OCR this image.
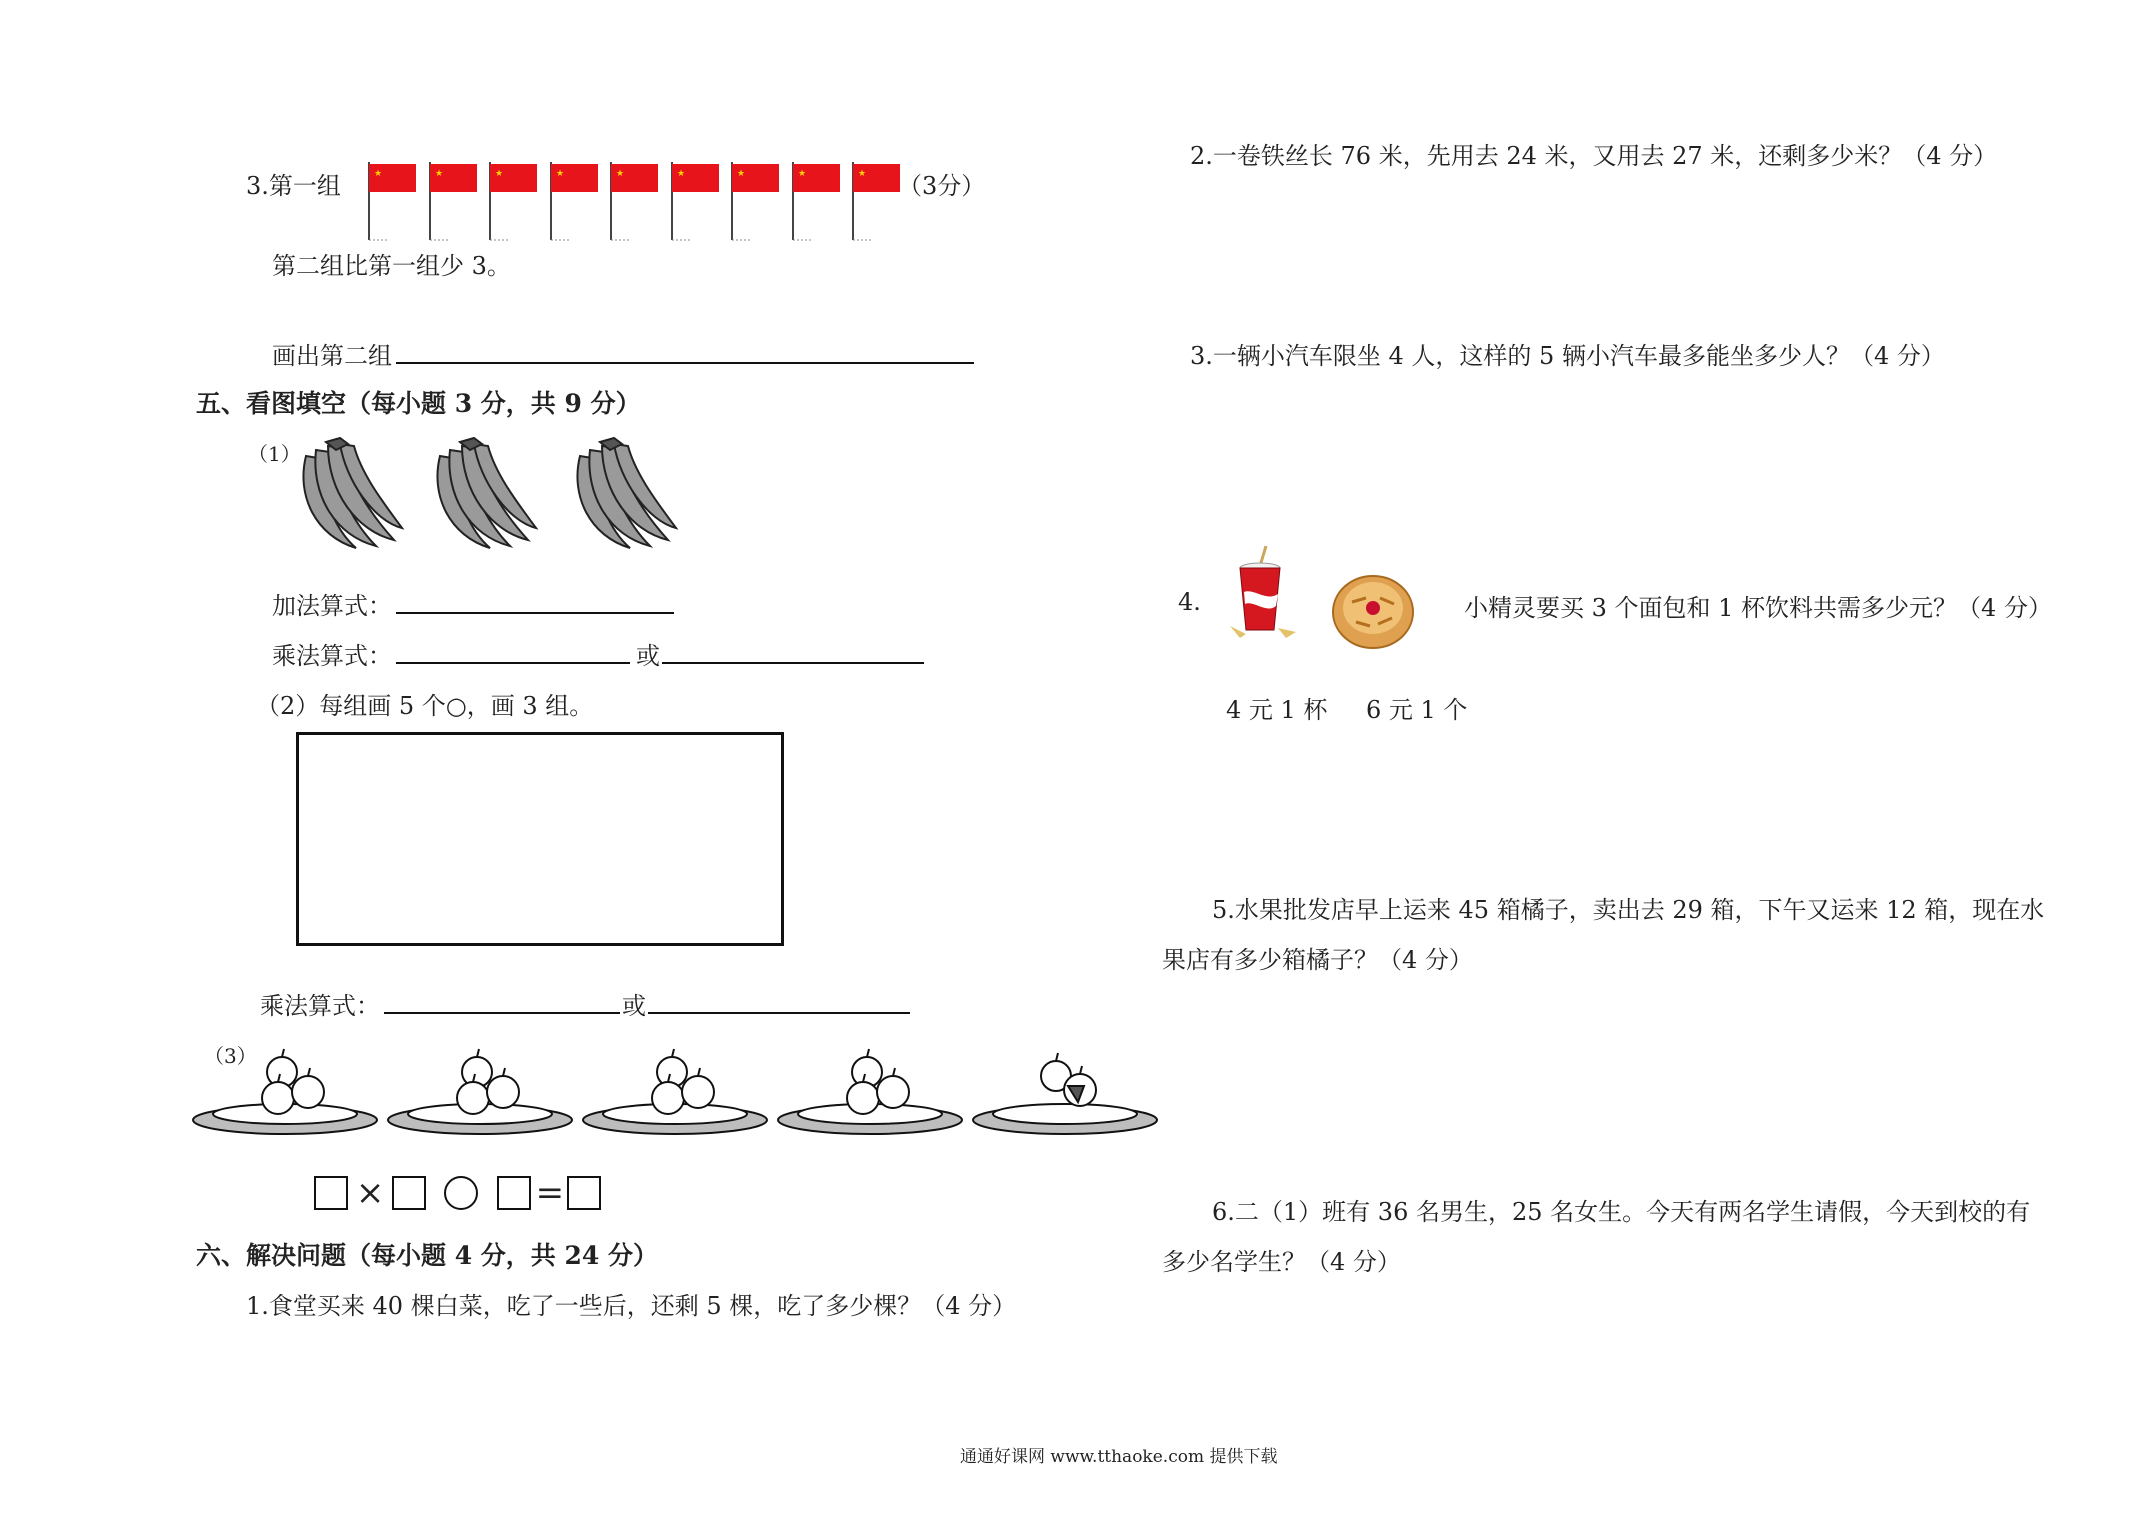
3.第一组	★	★	★	★	★	★	★	★	★ （3分）
第二组比第一组少 3。
画出第二组
五、看图填空（每小题 3 分，共 9 分）
（1）
加法算式：
乘法算式：	或
（2）每组画 5 个○，画 3 组。
乘法算式：	或
（3）
×	=
六、解决问题（每小题 4 分，共 24 分）
1.食堂买来 40 棵白菜，吃了一些后，还剩 5 棵，吃了多少棵？（4 分）
2.一卷铁丝长 76 米，先用去 24 米，又用去 27 米，还剩多少米？（4 分）
3.一辆小汽车限坐 4 人，这样的 5 辆小汽车最多能坐多少人？（4 分）
4.	小精灵要买 3 个面包和 1 杯饮料共需多少元？（4 分）
4 元 1 杯 6 元 1 个
5.水果批发店早上运来 45 箱橘子，卖出去 29 箱，下午又运来 12 箱，现在水
果店有多少箱橘子？（4 分）
6.二（1）班有 36 名男生，25 名女生。今天有两名学生请假，今天到校的有
多少名学生？（4 分）
通通好课网 www.tthaoke.com 提供下载
